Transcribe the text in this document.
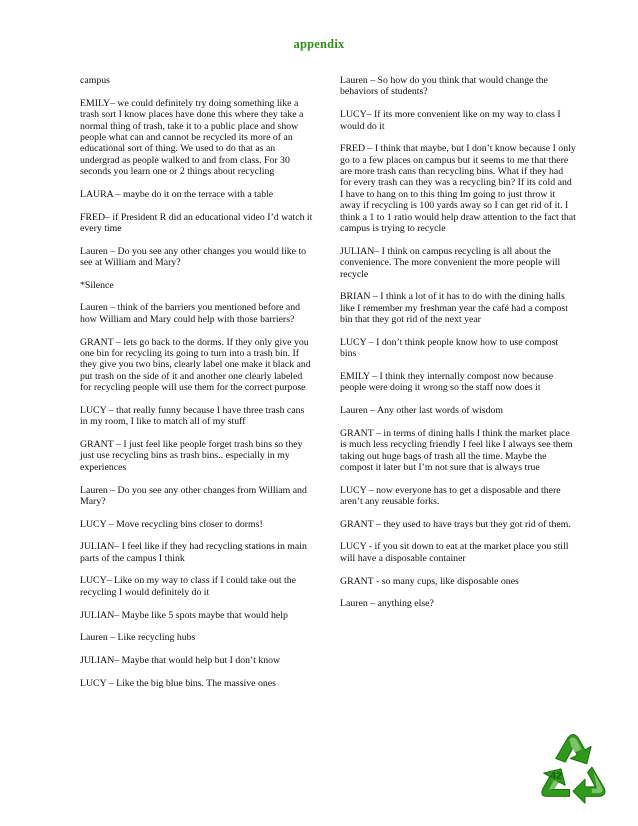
appendix

campus

EMILY– we could definitely try doing something like a trash sort I know places have done this where they take a normal thing of trash, take it to a public place and show people what can and cannot be recycled its more of an educational sort of thing. We used to do that as an undergrad as people walked to and from class. For 30 seconds you learn one or 2 things about recycling

LAURA – maybe do it on the terrace with a table

FRED– if President R did an educational video I’d watch it every time

Lauren – Do you see any other changes you would like to see at William and Mary?

*Silence

Lauren – think of the barriers you mentioned before and how William and Mary could help with those barriers?

GRANT – lets go back to the dorms. If they only give you one bin for recycling its going to turn into a trash bin. If they give you two bins, clearly label one make it black and put trash on the side of it and another one clearly labeled for recycling people will use them for the correct purpose

LUCY – that really funny because I have three trash cans in my room, I like to match all of my stuff

GRANT – I just feel like people forget trash bins so they just use recycling bins as trash bins.. especially in my experiences

Lauren – Do you see any other changes from William and Mary?

LUCY – Move recycling bins closer to dorms!

JULIAN– I feel like if they had recycling stations in main parts of the campus I think

LUCY– Like on my way to class if I could take out the recycling I would definitely do it

JULIAN– Maybe like 5 spots maybe that would help

Lauren – Like recycling hubs

JULIAN– Maybe that would help but I don’t know

LUCY – Like the big blue bins. The massive ones

Lauren – So how do you think that would change the behaviors of students?

LUCY– If its more convenient like on my way to class I would do it

FRED – I think that maybe, but I don’t know because I only go to a few places on campus but it seems to me that there are more trash cans than recycling bins. What if they had for every trash can they was a recycling bin? If its cold and I have to hang on to this thing Im going to just throw it away if recycling is 100 yards away so I can get rid of it. I think a 1 to 1 ratio would help draw attention to the fact that campus is trying to recycle

JULIAN– I think on campus recycling is all about the convenience. The more convenient the more people will recycle

BRIAN – I think a lot of it has to do with the dining halls like I remember my freshman year the café had a compost bin that they got rid of the next year

LUCY – I don’t think people know how to use compost bins

EMILY – I think they internally compost now because people were doing it wrong so the staff now does it

Lauren – Any other last words of wisdom

GRANT – in terms of dining halls I think the market place is much less recycling friendly I feel like I always see them taking out huge bags of trash all the time. Maybe the compost it later but I’m not sure that is always true

LUCY – now everyone has to get a disposable and there aren’t any reusable forks.

GRANT – they used to have trays but they got rid of them.

LUCY - if you sit down to eat at the market place you still will have a disposable container

GRANT - so many cups, like disposable ones

Lauren – anything else?

42
